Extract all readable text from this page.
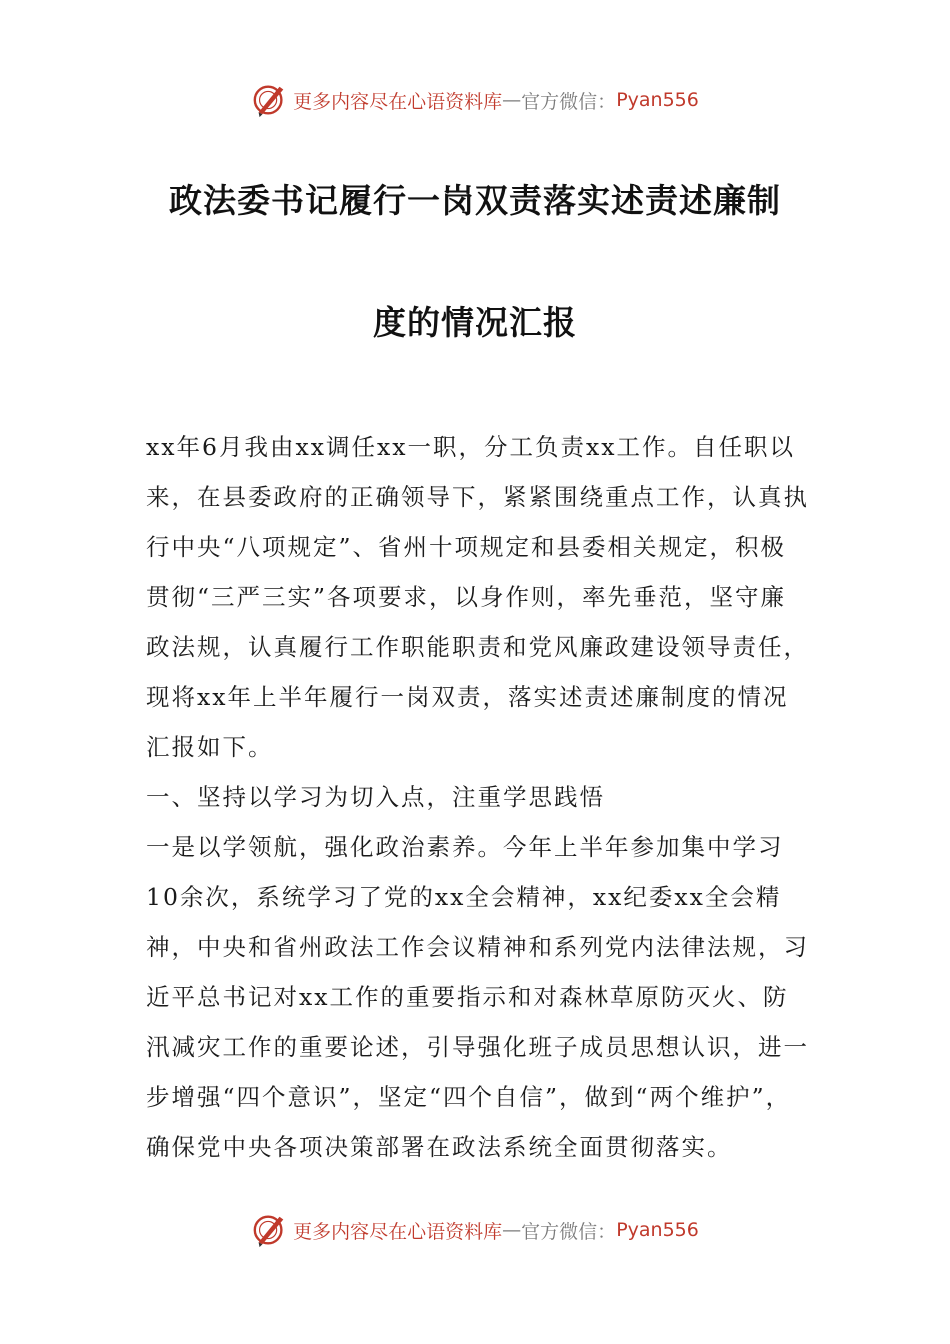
更多内容尽在心语资料库 — 官方微信： Pyan556
政法委书记履行一岗双责落实述责述廉制
度的情况汇报

xx年6月我由xx调任xx一职，分工负责xx工作。自任职以来，在县委政府的正确领导下，紧紧围绕重点工作，认真执行中央“八项规定”、省州十项规定和县委相关规定，积极贯彻“三严三实”各项要求，以身作则，率先垂范，坚守廉政法规，认真履行工作职能职责和党风廉政建设领导责任，现将xx年上半年履行一岗双责，落实述责述廉制度的情况汇报如下。

一、坚持以学习为切入点，注重学思践悟

一是以学领航，强化政治素养。今年上半年参加集中学习10余次，系统学习了党的xx全会精神，xx纪委xx全会精神，中央和省州政法工作会议精神和系列党内法律法规，习近平总书记对xx工作的重要指示和对森林草原防灭火、防汛减灾工作的重要论述，引导强化班子成员思想认识，进一步增强“四个意识”，坚定“四个自信”，做到“两个维护”，确保党中央各项决策部署在政法系统全面贯彻落实。

更多内容尽在心语资料库 — 官方微信： Pyan556
